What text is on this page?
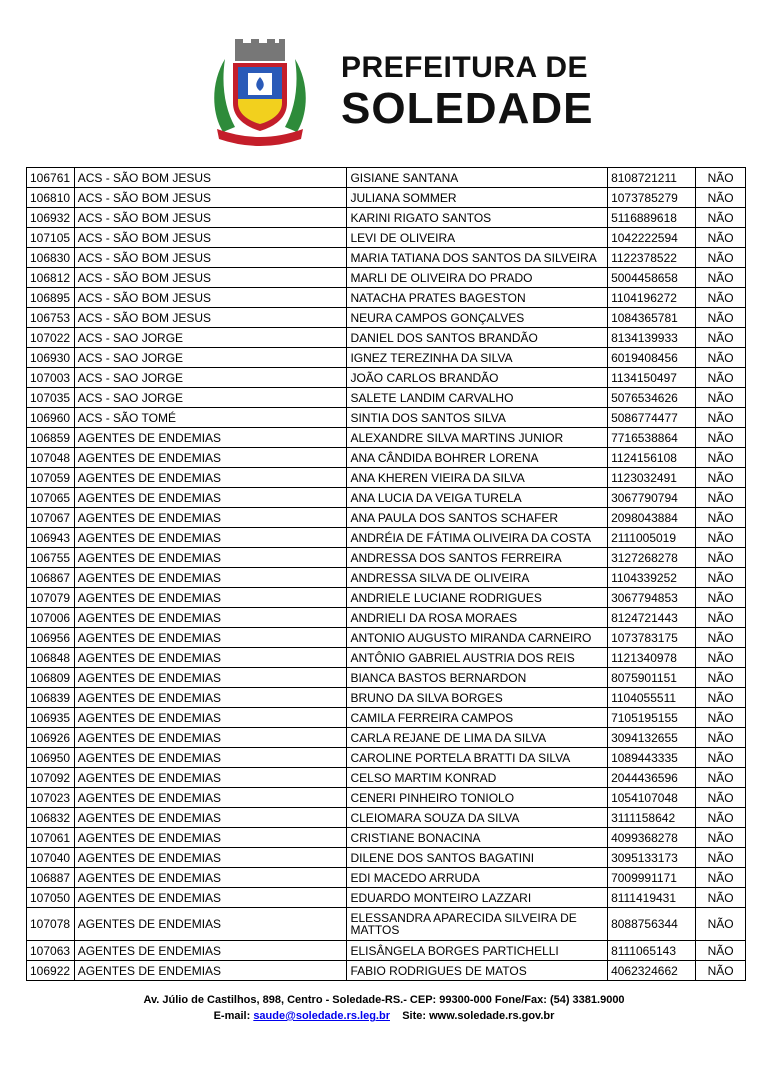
PREFEITURA DE
SOLEDADE
106761	ACS - SÃO BOM JESUS	GISIANE SANTANA	8108721211	NÃO
106810	ACS - SÃO BOM JESUS	JULIANA SOMMER	1073785279	NÃO
106932	ACS - SÃO BOM JESUS	KARINI RIGATO SANTOS	5116889618	NÃO
107105	ACS - SÃO BOM JESUS	LEVI DE OLIVEIRA	1042222594	NÃO
106830	ACS - SÃO BOM JESUS	MARIA TATIANA DOS SANTOS DA SILVEIRA	1122378522	NÃO
106812	ACS - SÃO BOM JESUS	MARLI DE OLIVEIRA DO PRADO	5004458658	NÃO
106895	ACS - SÃO BOM JESUS	NATACHA PRATES BAGESTON	1104196272	NÃO
106753	ACS - SÃO BOM JESUS	NEURA CAMPOS GONÇALVES	1084365781	NÃO
107022	ACS - SAO JORGE	DANIEL DOS SANTOS BRANDÃO	8134139933	NÃO
106930	ACS - SAO JORGE	IGNEZ TEREZINHA DA SILVA	6019408456	NÃO
107003	ACS - SAO JORGE	JOÃO CARLOS BRANDÃO	1134150497	NÃO
107035	ACS - SAO JORGE	SALETE LANDIM CARVALHO	5076534626	NÃO
106960	ACS - SÃO TOMÉ	SINTIA DOS SANTOS SILVA	5086774477	NÃO
106859	AGENTES DE ENDEMIAS	ALEXANDRE SILVA MARTINS JUNIOR	7716538864	NÃO
107048	AGENTES DE ENDEMIAS	ANA CÂNDIDA BOHRER LORENA	1124156108	NÃO
107059	AGENTES DE ENDEMIAS	ANA KHEREN VIEIRA DA SILVA	1123032491	NÃO
107065	AGENTES DE ENDEMIAS	ANA LUCIA DA VEIGA TURELA	3067790794	NÃO
107067	AGENTES DE ENDEMIAS	ANA PAULA DOS SANTOS SCHAFER	2098043884	NÃO
106943	AGENTES DE ENDEMIAS	ANDRÉIA DE FÁTIMA OLIVEIRA DA COSTA	2111005019	NÃO
106755	AGENTES DE ENDEMIAS	ANDRESSA DOS SANTOS FERREIRA	3127268278	NÃO
106867	AGENTES DE ENDEMIAS	ANDRESSA SILVA DE OLIVEIRA	1104339252	NÃO
107079	AGENTES DE ENDEMIAS	ANDRIELE LUCIANE RODRIGUES	3067794853	NÃO
107006	AGENTES DE ENDEMIAS	ANDRIELI DA ROSA MORAES	8124721443	NÃO
106956	AGENTES DE ENDEMIAS	ANTONIO AUGUSTO MIRANDA CARNEIRO	1073783175	NÃO
106848	AGENTES DE ENDEMIAS	ANTÔNIO GABRIEL AUSTRIA DOS REIS	1121340978	NÃO
106809	AGENTES DE ENDEMIAS	BIANCA BASTOS BERNARDON	8075901151	NÃO
106839	AGENTES DE ENDEMIAS	BRUNO DA SILVA BORGES	1104055511	NÃO
106935	AGENTES DE ENDEMIAS	CAMILA FERREIRA CAMPOS	7105195155	NÃO
106926	AGENTES DE ENDEMIAS	CARLA REJANE DE LIMA DA SILVA	3094132655	NÃO
106950	AGENTES DE ENDEMIAS	CAROLINE PORTELA BRATTI DA SILVA	1089443335	NÃO
107092	AGENTES DE ENDEMIAS	CELSO MARTIM KONRAD	2044436596	NÃO
107023	AGENTES DE ENDEMIAS	CENERI PINHEIRO TONIOLO	1054107048	NÃO
106832	AGENTES DE ENDEMIAS	CLEIOMARA SOUZA DA SILVA	3111158642	NÃO
107061	AGENTES DE ENDEMIAS	CRISTIANE BONACINA	4099368278	NÃO
107040	AGENTES DE ENDEMIAS	DILENE DOS SANTOS BAGATINI	3095133173	NÃO
106887	AGENTES DE ENDEMIAS	EDI MACEDO ARRUDA	7009991171	NÃO
107050	AGENTES DE ENDEMIAS	EDUARDO MONTEIRO LAZZARI	8111419431	NÃO
107078	AGENTES DE ENDEMIAS	ELESSANDRA APARECIDA SILVEIRA DE MATTOS	8088756344	NÃO
107063	AGENTES DE ENDEMIAS	ELISÂNGELA BORGES PARTICHELLI	8111065143	NÃO
106922	AGENTES DE ENDEMIAS	FABIO RODRIGUES DE MATOS	4062324662	NÃO
Av. Júlio de Castilhos, 898, Centro - Soledade-RS.- CEP: 99300-000 Fone/Fax: (54) 3381.9000
E-mail: saude@soledade.rs.leg.br Site: www.soledade.rs.gov.br
